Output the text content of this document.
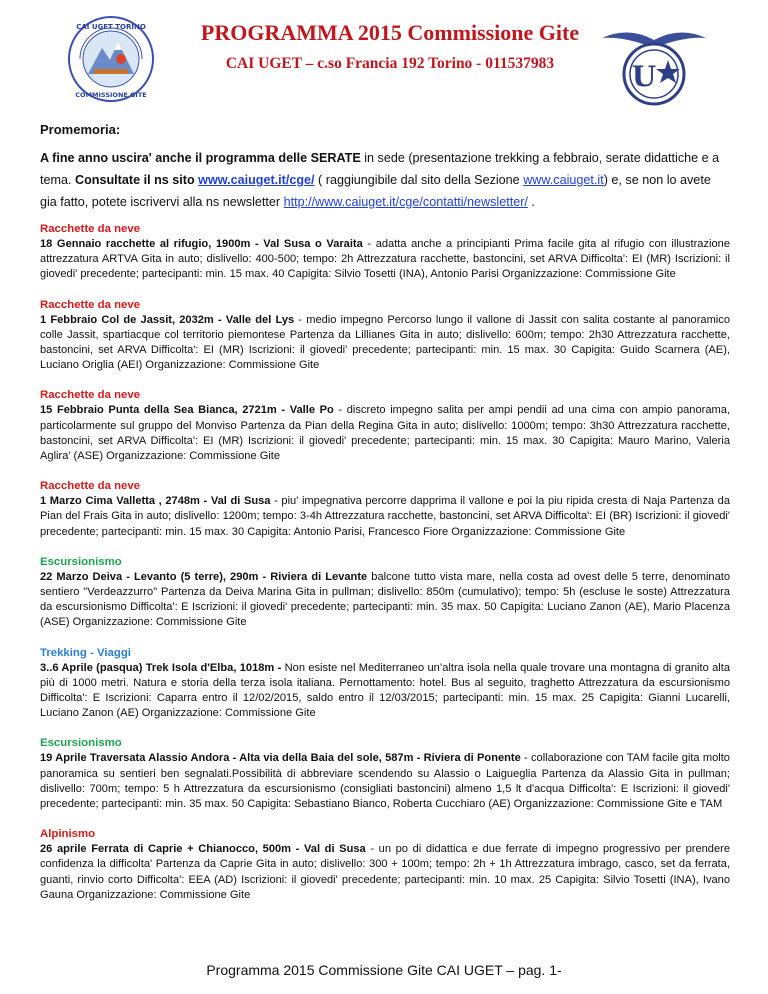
CAI UGET TORINO
COMMISSIONE GITE
PROGRAMMA 2015 Commissione Gite
CAI UGET – c.so Francia 192 Torino - 011537983	U

Promemoria:

A fine anno uscira' anche il programma delle SERATE in sede (presentazione trekking a febbraio, serate didattiche e a tema. Consultate il ns sito www.caiuget.it/cge/ ( raggiungibile dal sito della Sezione www.caiuget.it) e, se non lo avete gia fatto, potete iscrivervi alla ns newsletter http://www.caiuget.it/cge/contatti/newsletter/ .

Racchette da neve
18 Gennaio racchette al rifugio, 1900m - Val Susa o Varaita - adatta anche a principianti Prima facile gita al rifugio con illustrazione attrezzatura ARTVA Gita in auto; dislivello: 400-500; tempo: 2h Attrezzatura racchette, bastoncini, set ARVA Difficolta': EI (MR) Iscrizioni: il giovedi' precedente; partecipanti: min. 15 max. 40 Capigita: Silvio Tosetti (INA), Antonio Parisi Organizzazione: Commissione Gite
Racchette da neve
1 Febbraio Col de Jassit, 2032m - Valle del Lys - medio impegno Percorso lungo il vallone di Jassit con salita costante al panoramico colle Jassit, spartiacque col territorio piemontese Partenza da Lillianes Gita in auto; dislivello: 600m; tempo: 2h30 Attrezzatura racchette, bastoncini, set ARVA Difficolta': EI (MR) Iscrizioni: il giovedi' precedente; partecipanti: min. 15 max. 30 Capigita: Guido Scarnera (AE), Luciano Origlia (AEI) Organizzazione: Commissione Gite
Racchette da neve
15 Febbraio Punta della Sea Bianca, 2721m - Valle Po - discreto impegno salita per ampi pendii ad una cima con ampio panorama, particolarmente sul gruppo del Monviso Partenza da Pian della Regina Gita in auto; dislivello: 1000m; tempo: 3h30 Attrezzatura racchette, bastoncini, set ARVA Difficolta': EI (MR) Iscrizioni: il giovedi' precedente; partecipanti: min. 15 max. 30 Capigita: Mauro Marino, Valeria Aglira’ (ASE) Organizzazione: Commissione Gite
Racchette da neve
1 Marzo Cima Valletta , 2748m - Val di Susa - piu' impegnativa percorre dapprima il vallone e poi la piu ripida cresta di Naja Partenza da Pian del Frais Gita in auto; dislivello: 1200m; tempo: 3-4h Attrezzatura racchette, bastoncini, set ARVA Difficolta': EI (BR) Iscrizioni: il giovedi' precedente; partecipanti: min. 15 max. 30 Capigita: Antonio Parisi, Francesco Fiore Organizzazione: Commissione Gite
Escursionismo
22 Marzo Deiva - Levanto (5 terre), 290m - Riviera di Levante balcone tutto vista mare, nella costa ad ovest delle 5 terre, denominato sentiero "Verdeazzurro" Partenza da Deiva Marina Gita in pullman; dislivello: 850m (cumulativo); tempo: 5h (escluse le soste) Attrezzatura da escursionismo Difficolta': E Iscrizioni: il giovedi' precedente; partecipanti: min. 35 max. 50 Capigita: Luciano Zanon (AE), Mario Placenza (ASE) Organizzazione: Commissione Gite
Trekking - Viaggi
3..6 Aprile (pasqua) Trek Isola d'Elba, 1018m - Non esiste nel Mediterraneo un’altra isola nella quale trovare una montagna di granito alta più di 1000 metri. Natura e storia della terza isola italiana. Pernottamento: hotel. Bus al seguito, traghetto Attrezzatura da escursionismo Difficolta': E Iscrizioni: Caparra entro il 12/02/2015, saldo entro il 12/03/2015; partecipanti: min. 15 max. 25 Capigita: Gianni Lucarelli, Luciano Zanon (AE) Organizzazione: Commissione Gite
Escursionismo
19 Aprile Traversata Alassio Andora - Alta via della Baia del sole, 587m - Riviera di Ponente - collaborazione con TAM facile gita molto panoramica su sentieri ben segnalati.Possibilità di abbreviare scendendo su Alassio o Laigueglia Partenza da Alassio Gita in pullman; dislivello: 700m; tempo: 5 h Attrezzatura da escursionismo (consigliati bastoncini) almeno 1,5 lt d'acqua Difficolta': E Iscrizioni: il giovedi' precedente; partecipanti: min. 35 max. 50 Capigita: Sebastiano Bianco, Roberta Cucchiaro (AE) Organizzazione: Commissione Gite e TAM
Alpinismo
26 aprile Ferrata di Caprie + Chianocco, 500m - Val di Susa - un po di didattica e due ferrate di impegno progressivo per prendere confidenza la difficolta' Partenza da Caprie Gita in auto; dislivello: 300 + 100m; tempo: 2h + 1h Attrezzatura imbrago, casco, set da ferrata, guanti, rinvio corto Difficolta': EEA (AD) Iscrizioni: il giovedi' precedente; partecipanti: min. 10 max. 25 Capigita: Silvio Tosetti (INA), Ivano Gauna Organizzazione: Commissione Gite
Programma 2015 Commissione Gite CAI UGET – pag. 1-
